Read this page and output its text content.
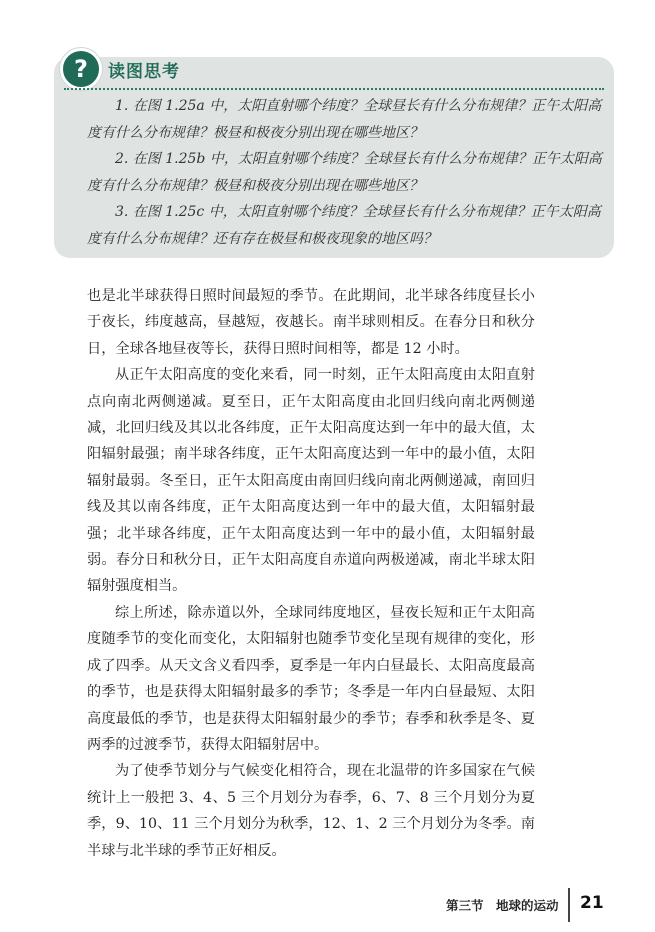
?	读图思考

1. 在图 1.25a 中，太阳直射哪个纬度？全球昼长有什么分布规律？正午太阳高度有什么分布规律？极昼和极夜分别出现在哪些地区？

2. 在图 1.25b 中，太阳直射哪个纬度？全球昼长有什么分布规律？正午太阳高度有什么分布规律？极昼和极夜分别出现在哪些地区？

3. 在图 1.25c 中，太阳直射哪个纬度？全球昼长有什么分布规律？正午太阳高度有什么分布规律？还有存在极昼和极夜现象的地区吗？

也是北半球获得日照时间最短的季节。在此期间，北半球各纬度昼长小于夜长，纬度越高，昼越短，夜越长。南半球则相反。在春分日和秋分日，全球各地昼夜等长，获得日照时间相等，都是 12 小时。

从正午太阳高度的变化来看，同一时刻，正午太阳高度由太阳直射点向南北两侧递减。夏至日，正午太阳高度由北回归线向南北两侧递减，北回归线及其以北各纬度，正午太阳高度达到一年中的最大值，太阳辐射最强；南半球各纬度，正午太阳高度达到一年中的最小值，太阳辐射最弱。冬至日，正午太阳高度由南回归线向南北两侧递减，南回归线及其以南各纬度，正午太阳高度达到一年中的最大值，太阳辐射最强；北半球各纬度，正午太阳高度达到一年中的最小值，太阳辐射最弱。春分日和秋分日，正午太阳高度自赤道向两极递减，南北半球太阳辐射强度相当。

综上所述，除赤道以外，全球同纬度地区，昼夜长短和正午太阳高度随季节的变化而变化，太阳辐射也随季节变化呈现有规律的变化，形成了四季。从天文含义看四季，夏季是一年内白昼最长、太阳高度最高的季节，也是获得太阳辐射最多的季节；冬季是一年内白昼最短、太阳高度最低的季节，也是获得太阳辐射最少的季节；春季和秋季是冬、夏两季的过渡季节，获得太阳辐射居中。

为了使季节划分与气候变化相符合，现在北温带的许多国家在气候统计上一般把 3、4、5 三个月划分为春季，6、7、8 三个月划分为夏季，9、10、11 三个月划分为秋季，12、1、2 三个月划分为冬季。南半球与北半球的季节正好相反。

第三节　地球的运动 21
